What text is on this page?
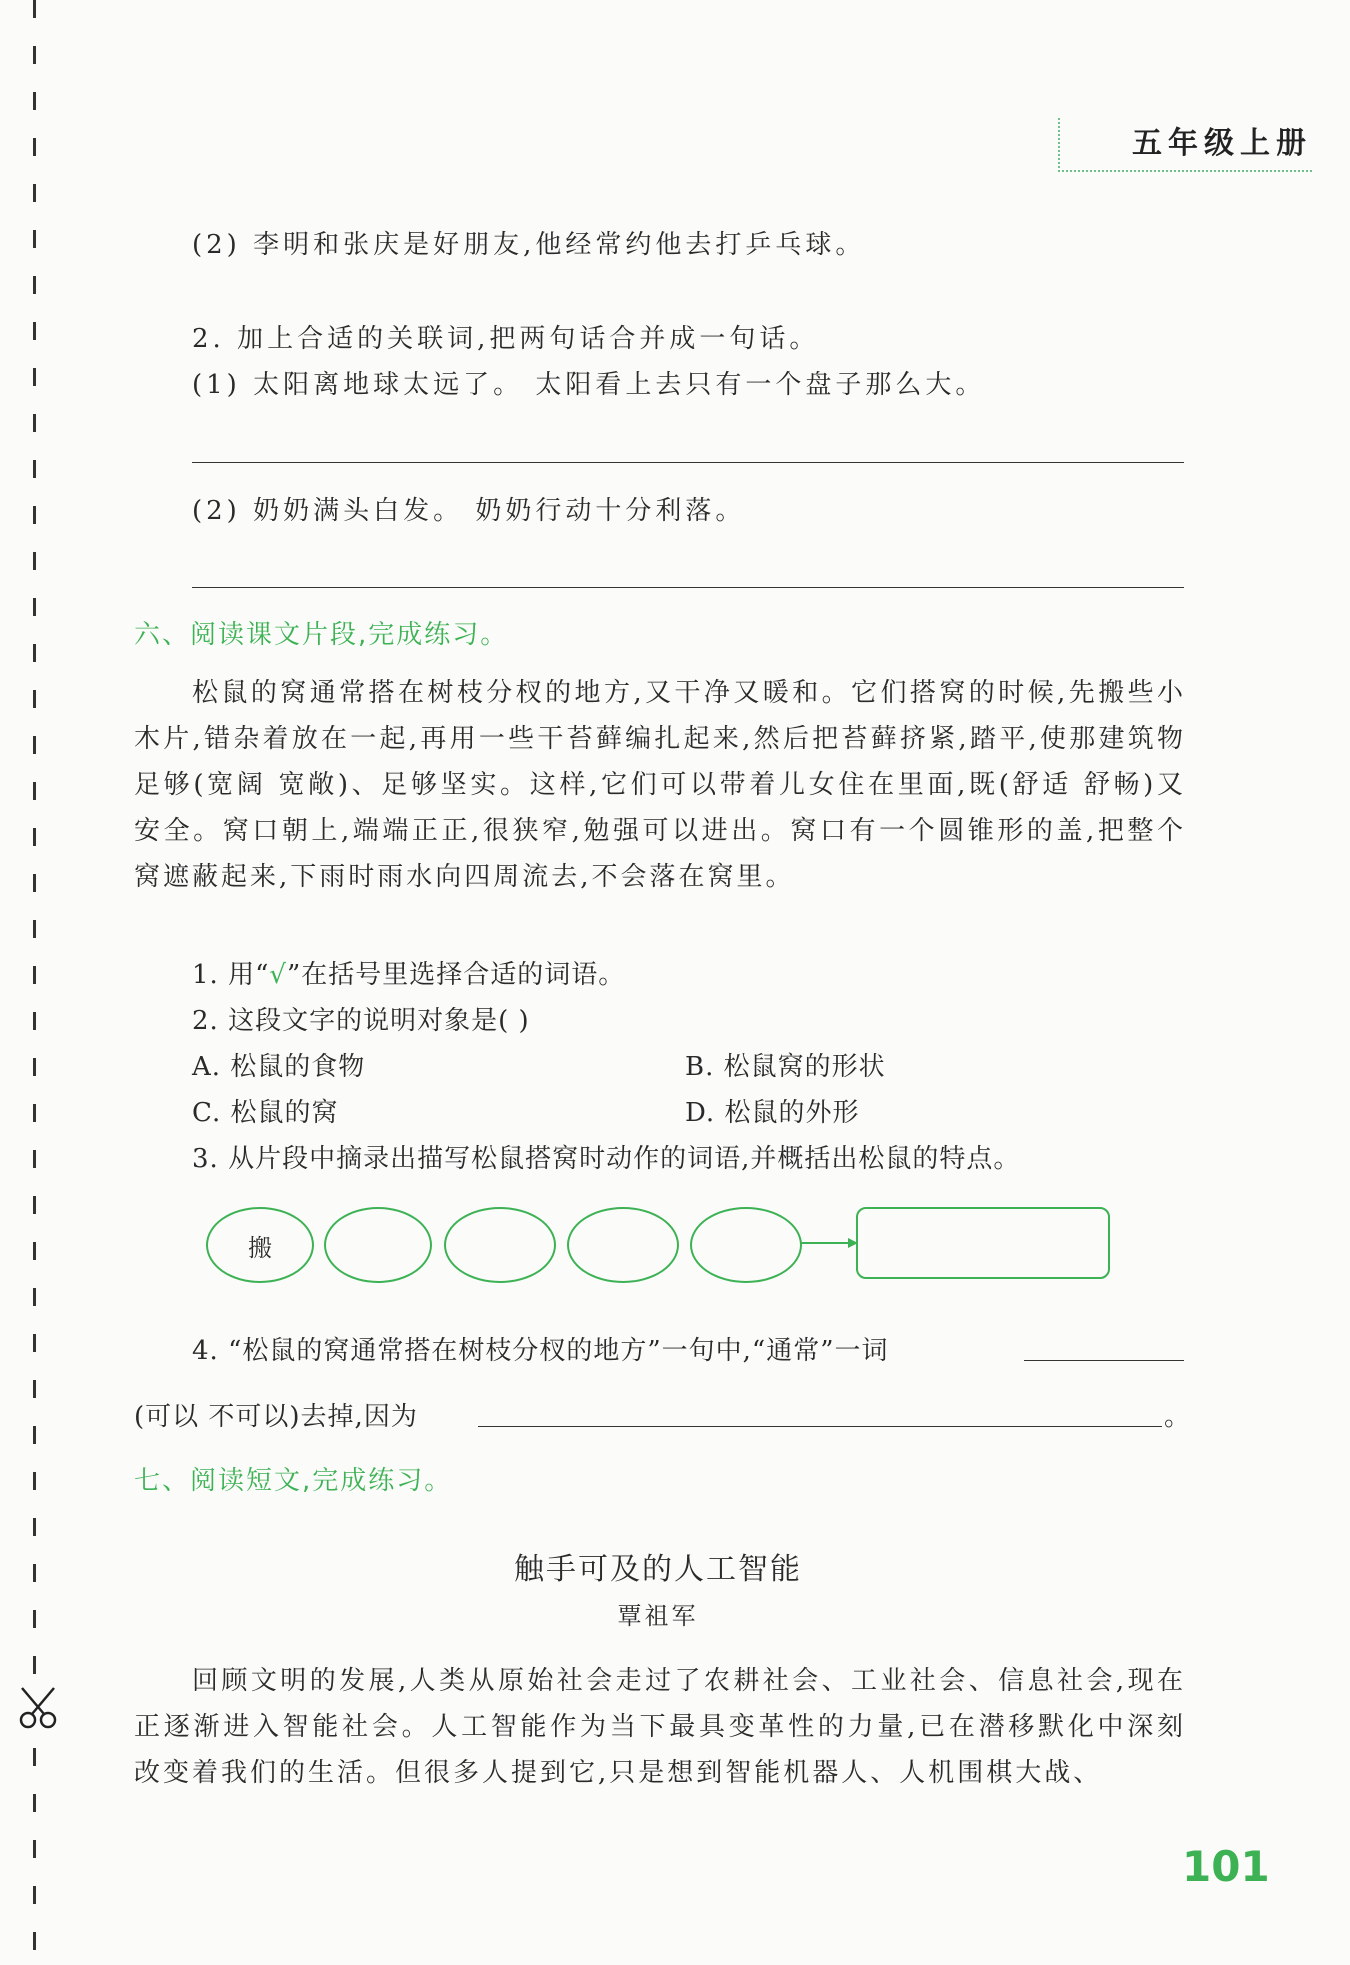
五年级上册
(2) 李明和张庆是好朋友,他经常约他去打乒乓球。
2. 加上合适的关联词,把两句话合并成一句话。
(1) 太阳离地球太远了。 太阳看上去只有一个盘子那么大。
(2) 奶奶满头白发。 奶奶行动十分利落。
六、阅读课文片段,完成练习。
松鼠的窝通常搭在树枝分杈的地方,又干净又暖和。它们搭窝的时候,先搬些小木片,错杂着放在一起,再用一些干苔藓编扎起来,然后把苔藓挤紧,踏平,使那建筑物足够(宽阔 宽敞)、足够坚实。这样,它们可以带着儿女住在里面,既(舒适 舒畅)又安全。窝口朝上,端端正正,很狭窄,勉强可以进出。窝口有一个圆锥形的盖,把整个窝遮蔽起来,下雨时雨水向四周流去,不会落在窝里。
1. 用“√”在括号里选择合适的词语。
2. 这段文字的说明对象是( )
A. 松鼠的食物	B. 松鼠窝的形状
C. 松鼠的窝	D. 松鼠的外形
3. 从片段中摘录出描写松鼠搭窝时动作的词语,并概括出松鼠的特点。
搬
4. “松鼠的窝通常搭在树枝分杈的地方”一句中,“通常”一词
(可以 不可以)去掉,因为	。
七、阅读短文,完成练习。
触手可及的人工智能
覃祖军
回顾文明的发展,人类从原始社会走过了农耕社会、工业社会、信息社会,现在正逐渐进入智能社会。人工智能作为当下最具变革性的力量,已在潜移默化中深刻改变着我们的生活。但很多人提到它,只是想到智能机器人、人机围棋大战、
101
